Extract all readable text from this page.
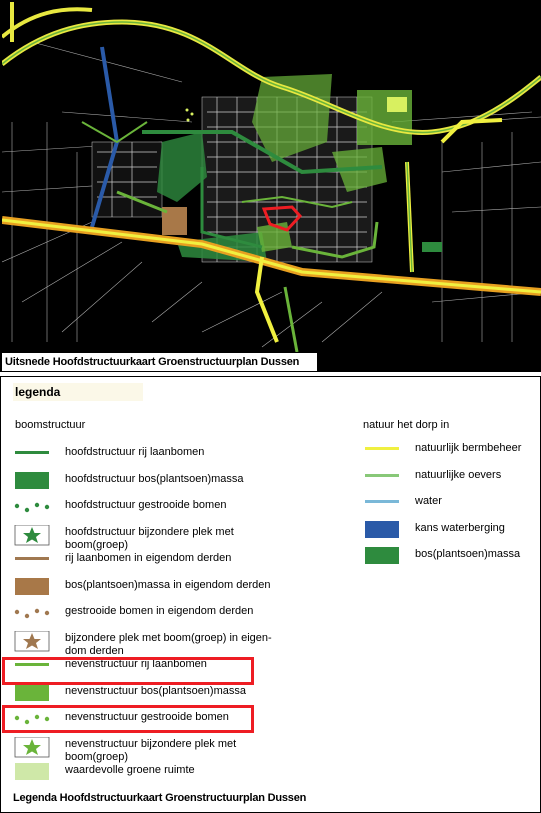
Uitsnede Hoofdstructuurkaart Groenstructuurplan Dussen
legenda
boomstructuur	natuur het dorp in
hoofdstructuur rij laanbomen
hoofdstructuur bos(plantsoen)massa
hoofdstructuur gestrooide bomen
hoofdstructuur bijzondere plek met
boom(groep)
rij laanbomen in eigendom derden
bos(plantsoen)massa in eigendom derden
gestrooide bomen in eigendom derden
bijzondere plek met boom(groep) in eigen-
dom derden
nevenstructuur rij laanbomen
nevenstructuur bos(plantsoen)massa
nevenstructuur gestrooide bomen
nevenstructuur bijzondere plek met
boom(groep)
waardevolle groene ruimte
natuurlijk bermbeheer
natuurlijke oevers
water
kans waterberging
bos(plantsoen)massa
Legenda Hoofdstructuurkaart Groenstructuurplan Dussen
